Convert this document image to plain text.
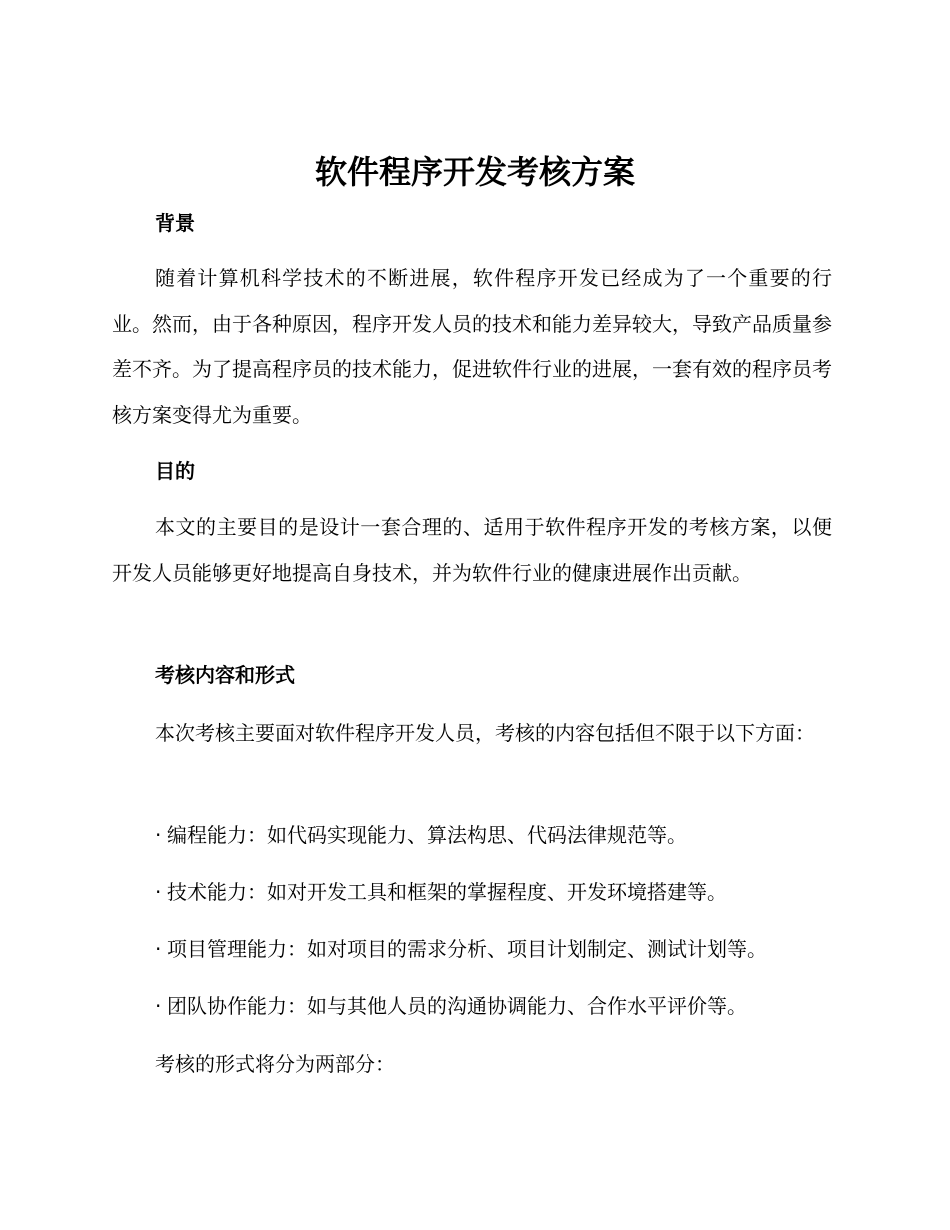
软件程序开发考核方案
背景

随着计算机科学技术的不断进展，软件程序开发已经成为了一个重要的行业。然而，由于各种原因，程序开发人员的技术和能力差异较大，导致产品质量参差不齐。为了提高程序员的技术能力，促进软件行业的进展，一套有效的程序员考核方案变得尤为重要。

目的

本文的主要目的是设计一套合理的、适用于软件程序开发的考核方案，以便开发人员能够更好地提高自身技术，并为软件行业的健康进展作出贡献。

考核内容和形式

本次考核主要面对软件程序开发人员，考核的内容包括但不限于以下方面：

· 编程能力：如代码实现能力、算法构思、代码法律规范等。
· 技术能力：如对开发工具和框架的掌握程度、开发环境搭建等。
· 项目管理能力：如对项目的需求分析、项目计划制定、测试计划等。
· 团队协作能力：如与其他人员的沟通协调能力、合作水平评价等。

考核的形式将分为两部分：
